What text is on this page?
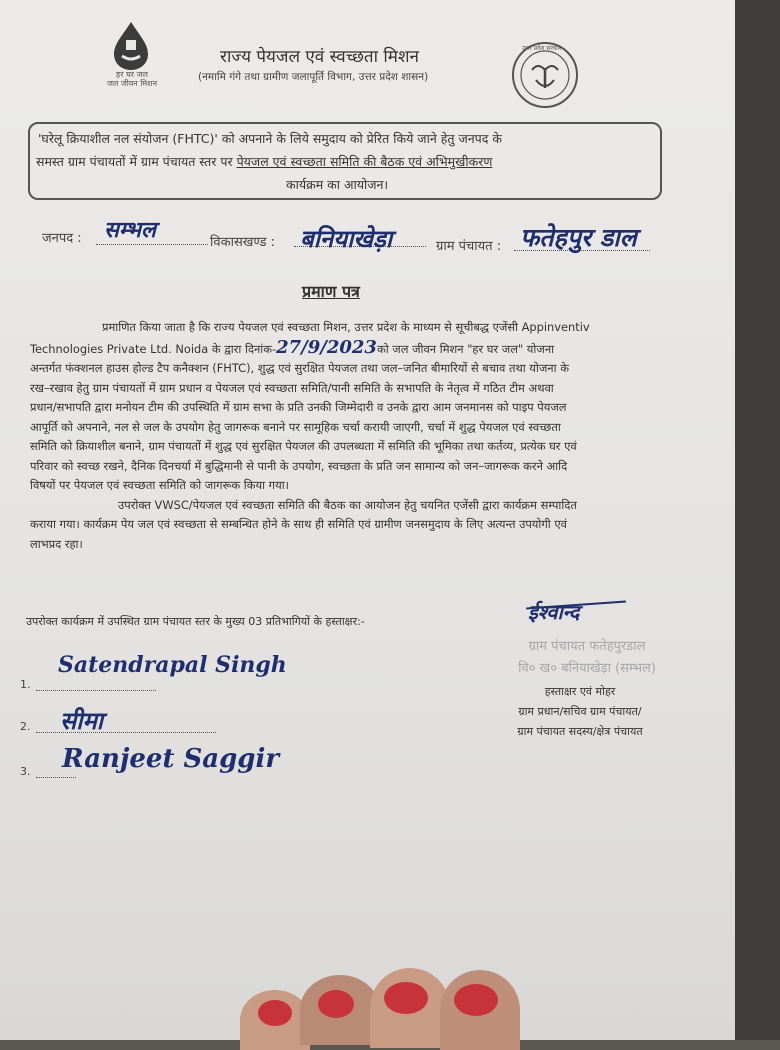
हर घर जल
जल जीवन मिशन
राज्य पेयजल एवं स्वच्छता मिशन
(नमामि गंगे तथा ग्रामीण जलापूर्ति विभाग, उत्तर प्रदेश शासन)
उत्तर प्रदेश सरकार

'घरेलू क्रियाशील नल संयोजन (FHTC)' को अपनाने के लिये समुदाय को प्रेरित किये जाने हेतु जनपद के

समस्त ग्राम पंचायतों में ग्राम पंचायत स्तर पर पेयजल एवं स्वच्छता समिति की बैठक एवं अभिमुखीकरण

कार्यक्रम का आयोजन।

जनपद : सम्भल	विकासखण्ड : बनियाखेड़ा	ग्राम पंचायत : फतेहपुर डाल
प्रमाण पत्र
प्रमाणित किया जाता है कि राज्य पेयजल एवं स्वच्छता मिशन, उत्तर प्रदेश के माध्यम से सूचीबद्ध एजेंसी Appinventiv
Technologies Private Ltd. Noida के द्वारा दिनांक-27/9/2023को जल जीवन मिशन "हर घर जल" योजना
अन्तर्गत फंक्शनल हाउस होल्ड टैप कनैक्शन (FHTC), शुद्ध एवं सुरक्षित पेयजल तथा जल–जनित बीमारियों से बचाव तथा योजना के
रख–रखाव हेतु ग्राम पंचायतों में ग्राम प्रधान व पेयजल एवं स्वच्छता समिति/पानी समिति के सभापति के नेतृत्व में गठित टीम अथवा
प्रधान/सभापति द्वारा मनोयन टीम की उपस्थिति में ग्राम सभा के प्रति उनकी जिम्मेदारी व उनके द्वारा आम जनमानस को पाइप पेयजल
आपूर्ति को अपनाने, नल से जल के उपयोग हेतु जागरूक बनाने पर सामूहिक चर्चा करायी जाएगी, चर्चा में शुद्ध पेयजल एवं स्वच्छता
समिति को क्रियाशील बनाने, ग्राम पंचायतों में शुद्ध एवं सुरक्षित पेयजल की उपलब्धता में समिति की भूमिका तथा कर्तव्य, प्रत्येक घर एवं
परिवार को स्वच्छ रखने, दैनिक दिनचर्या में बुद्धिमानी से पानी के उपयोग, स्वच्छता के प्रति जन सामान्य को जन–जागरूक करने आदि
विषयों पर पेयजल एवं स्वच्छता समिति को जागरूक किया गया।
उपरोक्त VWSC/पेयजल एवं स्वच्छता समिति की बैठक का आयोजन हेतु चयनित एजेंसी द्वारा कार्यक्रम सम्पादित
कराया गया। कार्यक्रम पेय जल एवं स्वच्छता से सम्बन्धित होने के साथ ही समिति एवं ग्रामीण जनसमुदाय के लिए अत्यन्त उपयोगी एवं
लाभप्रद रहा।
उपरोक्त कार्यक्रम में उपस्थित ग्राम पंचायत स्तर के मुख्य 03 प्रतिभागियों के हस्ताक्षर:-
1.
Satendrapal Singh
2. सीमा
3. Ranjeet Saggir
ईश्वान्द
ग्राम पंचायत फतेहपुरडाल
वि० ख० बनियाखेड़ा (सम्भल)
हस्ताक्षर एवं मोहर
ग्राम प्रधान/सचिव ग्राम पंचायत/
ग्राम पंचायत सदस्य/क्षेत्र पंचायत
